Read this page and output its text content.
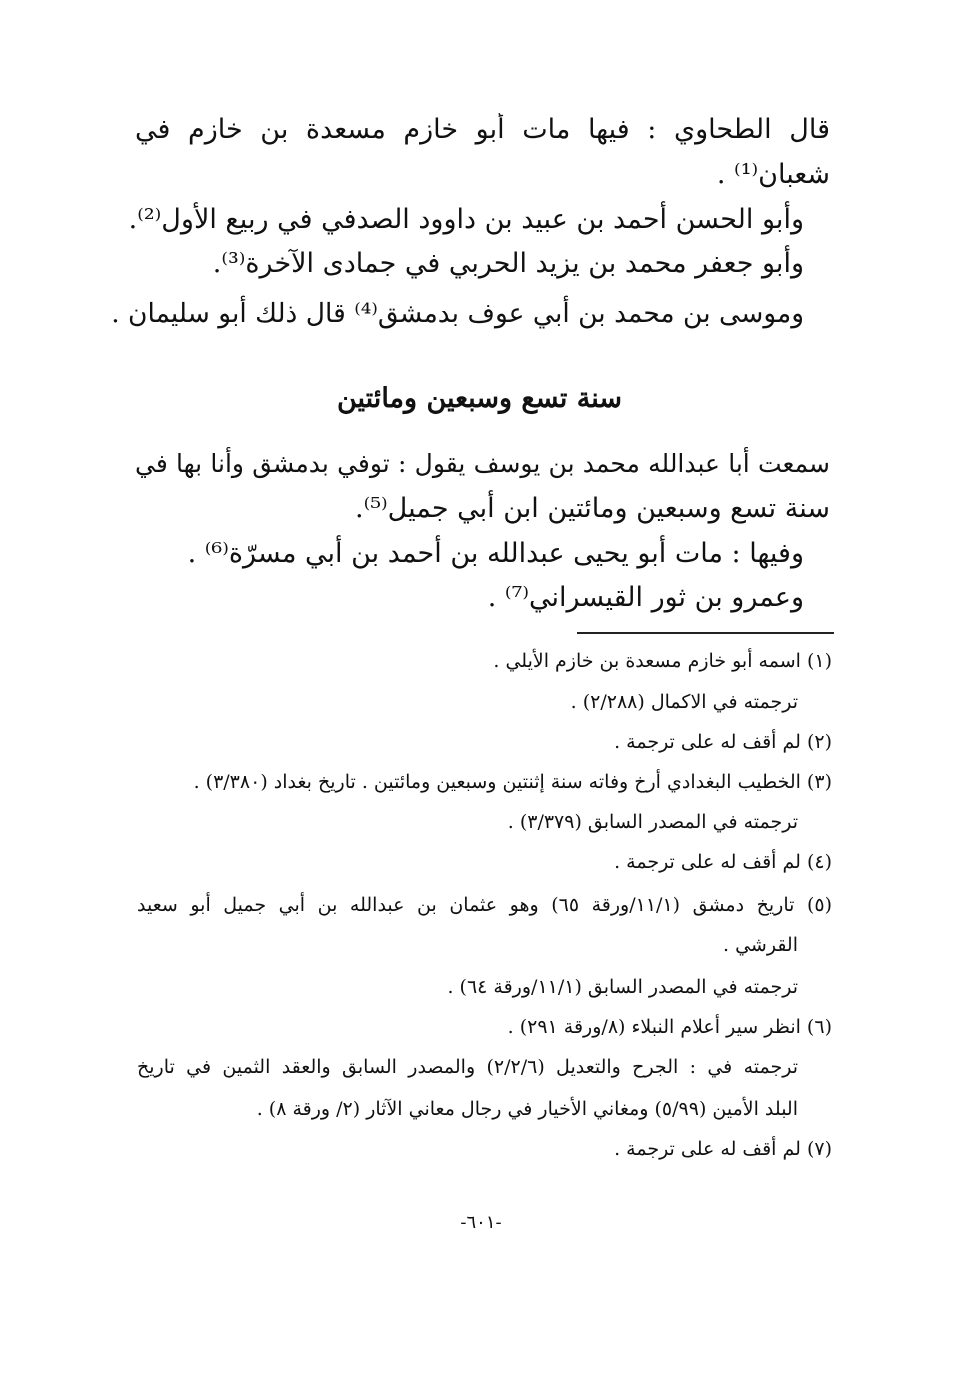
قال الطحاوي : فيها مات أبو خازم مسعدة بن خازم في
شعبان⁽¹⁾ .
وأبو الحسن أحمد بن عبيد بن داوود الصدفي في ربيع الأول⁽²⁾.
وأبو جعفر محمد بن يزيد الحربي في جمادى الآخرة⁽³⁾.
وموسى بن محمد بن أبي عوف بدمشق⁽⁴⁾ قال ذلك أبو سليمان .
سنة تسع وسبعين ومائتين
سمعت أبا عبدالله محمد بن يوسف يقول : توفي بدمشق وأنا بها في
سنة تسع وسبعين ومائتين ابن أبي جميل⁽⁵⁾.
وفيها : مات أبو يحيى عبدالله بن أحمد بن أبي مسرّة⁽⁶⁾ .
وعمرو بن ثور القيسراني⁽⁷⁾ .
(١) اسمه أبو خازم مسعدة بن خازم الأيلي .
ترجمته في الاكمال (٢/٢٨٨) .
(٢) لم أقف له على ترجمة .
(٣) الخطيب البغدادي أرخ وفاته سنة إثنتين وسبعين ومائتين . تاريخ بغداد (٣/٣٨٠) .
ترجمته في المصدر السابق (٣/٣٧٩) .
(٤) لم أقف له على ترجمة .
(٥) تاريخ دمشق (١١/١/ورقة ٦٥) وهو عثمان بن عبدالله بن أبي جميل أبو سعيد
القرشي .
ترجمته في المصدر السابق (١١/١/ورقة ٦٤) .
(٦) انظر سير أعلام النبلاء (٨/ورقة ٢٩١) .
ترجمته في : الجرح والتعديل (٢/٢/٦) والمصدر السابق والعقد الثمين في تاريخ
البلد الأمين (٥/٩٩) ومغاني الأخيار في رجال معاني الآثار (٢/ ورقة ٨) .
(٧) لم أقف له على ترجمة .
-٦٠١-
